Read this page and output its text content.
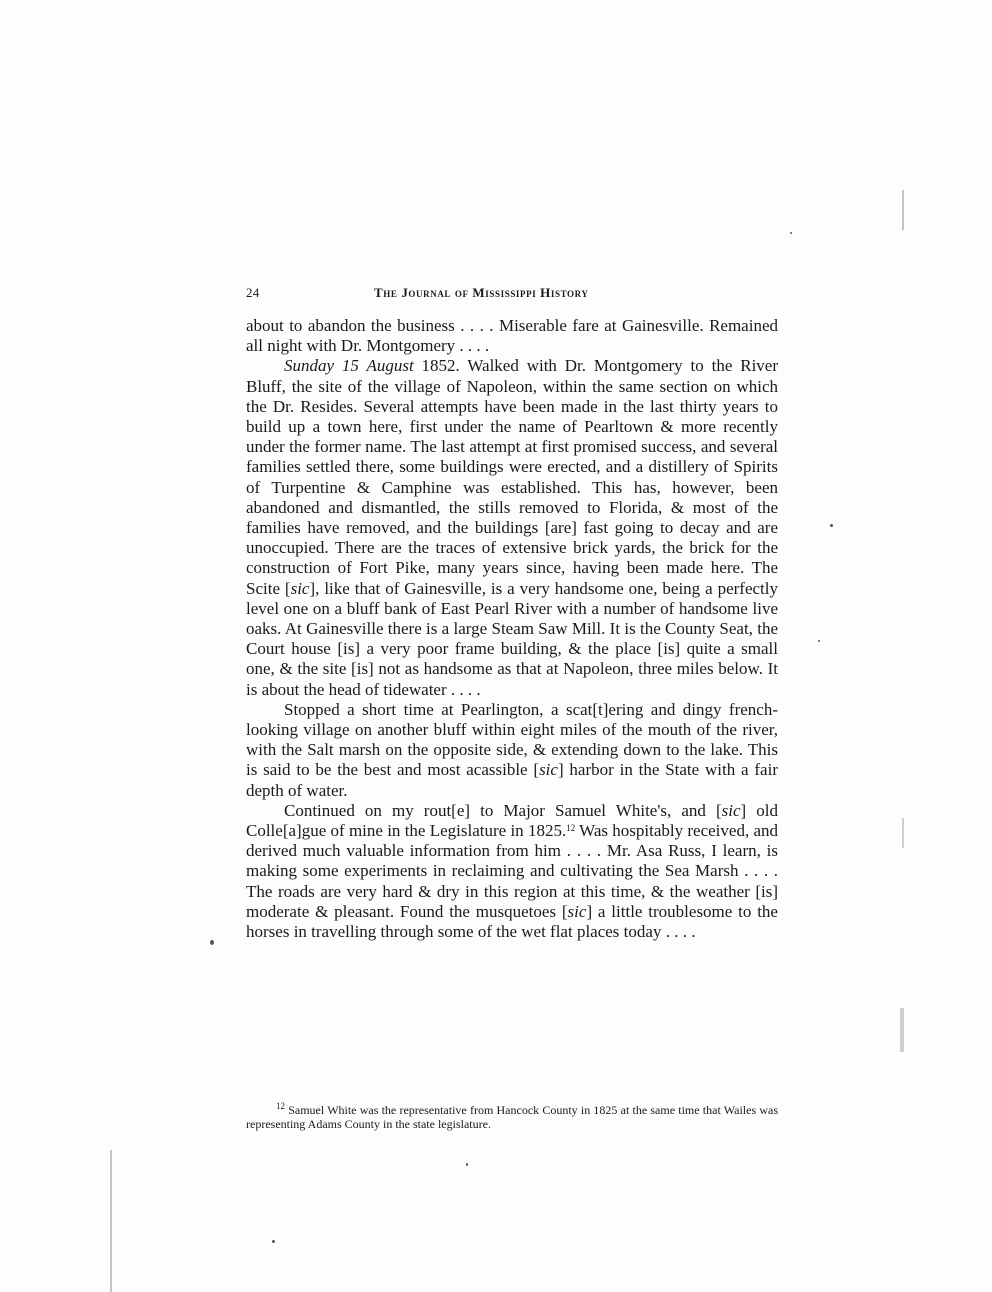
24	The Journal of Mississippi History

about to abandon the business . . . . Miserable fare at Gainesville. Remained all night with Dr. Montgomery . . . .

Sunday 15 August 1852. Walked with Dr. Montgomery to the River Bluff, the site of the village of Napoleon, within the same section on which the Dr. Resides. Several attempts have been made in the last thirty years to build up a town here, first under the name of Pearltown & more recently under the former name. The last attempt at first promised success, and several families settled there, some buildings were erected, and a distillery of Spirits of Turpentine & Camphine was established. This has, however, been abandoned and dismantled, the stills removed to Florida, & most of the families have removed, and the buildings [are] fast going to decay and are unoccupied. There are the traces of extensive brick yards, the brick for the construction of Fort Pike, many years since, having been made here. The Scite [sic], like that of Gainesville, is a very handsome one, being a perfectly level one on a bluff bank of East Pearl River with a number of handsome live oaks. At Gainesville there is a large Steam Saw Mill. It is the County Seat, the Court house [is] a very poor frame building, & the place [is] quite a small one, & the site [is] not as handsome as that at Napoleon, three miles below. It is about the head of tidewater . . . .

Stopped a short time at Pearlington, a scat[t]ering and dingy french-looking village on another bluff within eight miles of the mouth of the river, with the Salt marsh on the opposite side, & extending down to the lake. This is said to be the best and most acassible [sic] harbor in the State with a fair depth of water.

Continued on my rout[e] to Major Samuel White's, and [sic] old Colle[a]gue of mine in the Legislature in 1825.12 Was hospitably received, and derived much valuable information from him . . . . Mr. Asa Russ, I learn, is making some experiments in reclaiming and cultivating the Sea Marsh . . . . The roads are very hard & dry in this region at this time, & the weather [is] moderate & pleasant. Found the musquetoes [sic] a little troublesome to the horses in travelling through some of the wet flat places today . . . .

$^{12}$ Samuel White was the representative from Hancock County in 1825 at the same time that Wailes was representing Adams County in the state legislature.
